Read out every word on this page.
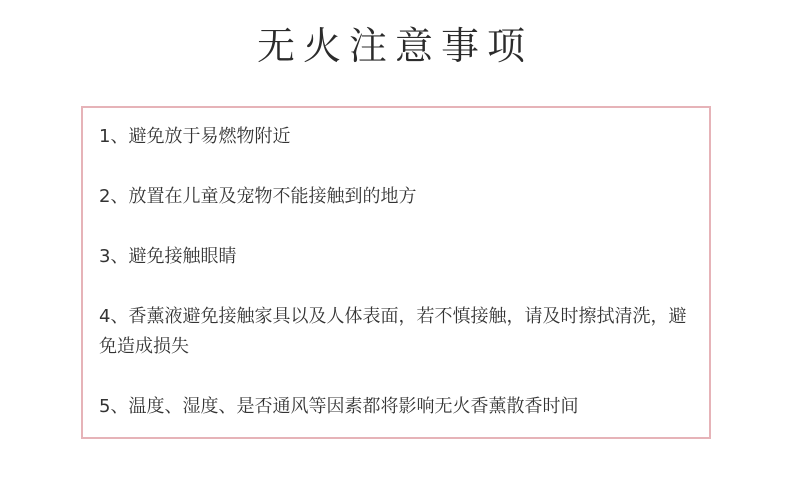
无火注意事项

1、避免放于易燃物附近

2、放置在儿童及宠物不能接触到的地方

3、避免接触眼睛

4、香薰液避免接触家具以及人体表面，若不慎接触，请及时擦拭清洗，避免造成损失

5、温度、湿度、是否通风等因素都将影响无火香薰散香时间
